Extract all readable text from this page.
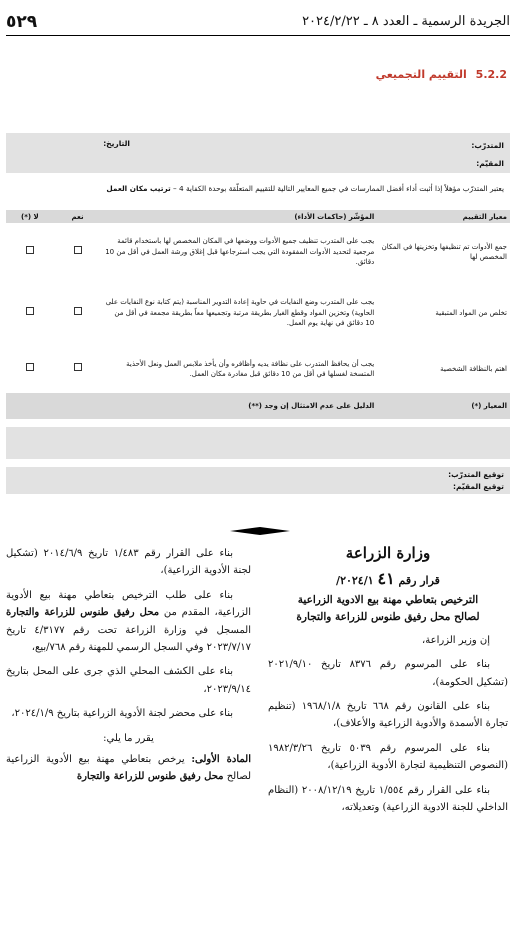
٥٢٩	الجريدة الرسمية ـ العدد ٨ ـ ٢٠٢٤/٢/٢٢
5.2.2 التقييم التجميعي
المتدرّب:
المقيّم:
التاريخ:
يعتبر المتدرّب مؤهلاً إذا أثبت أداء أفضل الممارسات في جميع المعايير التالية للتقييم المتعلّقة بوحدة الكفاية 4 – ترتيب مكان العمل
معيار التقييم	المؤشّر (حاكمات الأداء)	نعم	لا (*)
جمع الأدوات تم تنظيفها وتخزينها في المكان المخصص لها	يجب على المتدرب تنظيف جميع الأدوات ووضعها في المكان المخصص لها باستخدام قائمة مرجعية لتحديد الأدوات المفقودة التي يجب استرجاعها قبل إغلاق ورشة العمل في أقل من 10 دقائق.		
تخلص من المواد المتبقية	يجب على المتدرب وضع النفايات في حاوية إعادة التدوير المناسبة (يتم كتابة نوع النفايات على الحاوية) وتخزين المواد وقطع الغيار بطريقة مرتبة وتجميعها معاً بطريقة مجمعة في أقل من 10 دقائق في نهاية يوم العمل.		
اهتم بالنظافة الشخصية	يجب أن يحافظ المتدرب على نظافة يديه وأظافره وأن يأخذ ملابس العمل ونعل الأحذية المتسخة لغسلها في أقل من 10 دقائق قبل مغادرة مكان العمل.		
المعيار (*)	الدليل على عدم الامتثال إن وجد (**)		
توقيع المتدرّب:
توقيع المقيّم:
وزارة الزراعة
قرار رقم ٤١ ٢٠٢٤/١/
الترخيص بتعاطي مهنة بيع الادوية الزراعية
لصالح محل رفيق طنوس للزراعة والتجارة
إن وزير الزراعة،
بناء على المرسوم رقم ٨٣٧٦ تاريخ ٢٠٢١/٩/١٠ (تشكيل الحكومة)،
بناء على القانون رقم ٦٦٨ تاريخ ١٩٦٨/١/٨ (تنظيم تجارة الأسمدة والأدوية الزراعية والأعلاف)،
بناء على المرسوم رقم ٥٠٣٩ تاريخ ١٩٨٢/٣/٢٦ (النصوص التنظيمية لتجارة الأدوية الزراعية)،
بناء على القرار رقم ١/٥٥٤ تاريخ ٢٠٠٨/١٢/١٩ (النظام الداخلي للجنة الادوية الزراعية) وتعديلاته،
بناء على القرار رقم ١/٤٨٣ تاريخ ٢٠١٤/٦/٩ (تشكيل لجنة الأدوية الزراعية)،
بناء على طلب الترخيص بتعاطي مهنة بيع الأدوية الزراعية، المقدم من محل رفيق طنوس للزراعة والتجارة المسجل في وزارة الزراعة تحت رقم ٤/٣١٧٧ تاريخ ٢٠٢٣/٧/١٧ وفي السجل الرسمي للمهنة رقم ٧٦٨/بيع،
بناء على الكشف المحلي الذي جرى على المحل بتاريخ ٢٠٢٣/٩/١٤،
بناء على محضر لجنة الأدوية الزراعية بتاريخ ٢٠٢٤/١/٩،
يقرر ما يلي:
المادة الأولى: يرخص بتعاطي مهنة بيع الأدوية الزراعية لصالح محل رفيق طنوس للزراعة والتجارة
